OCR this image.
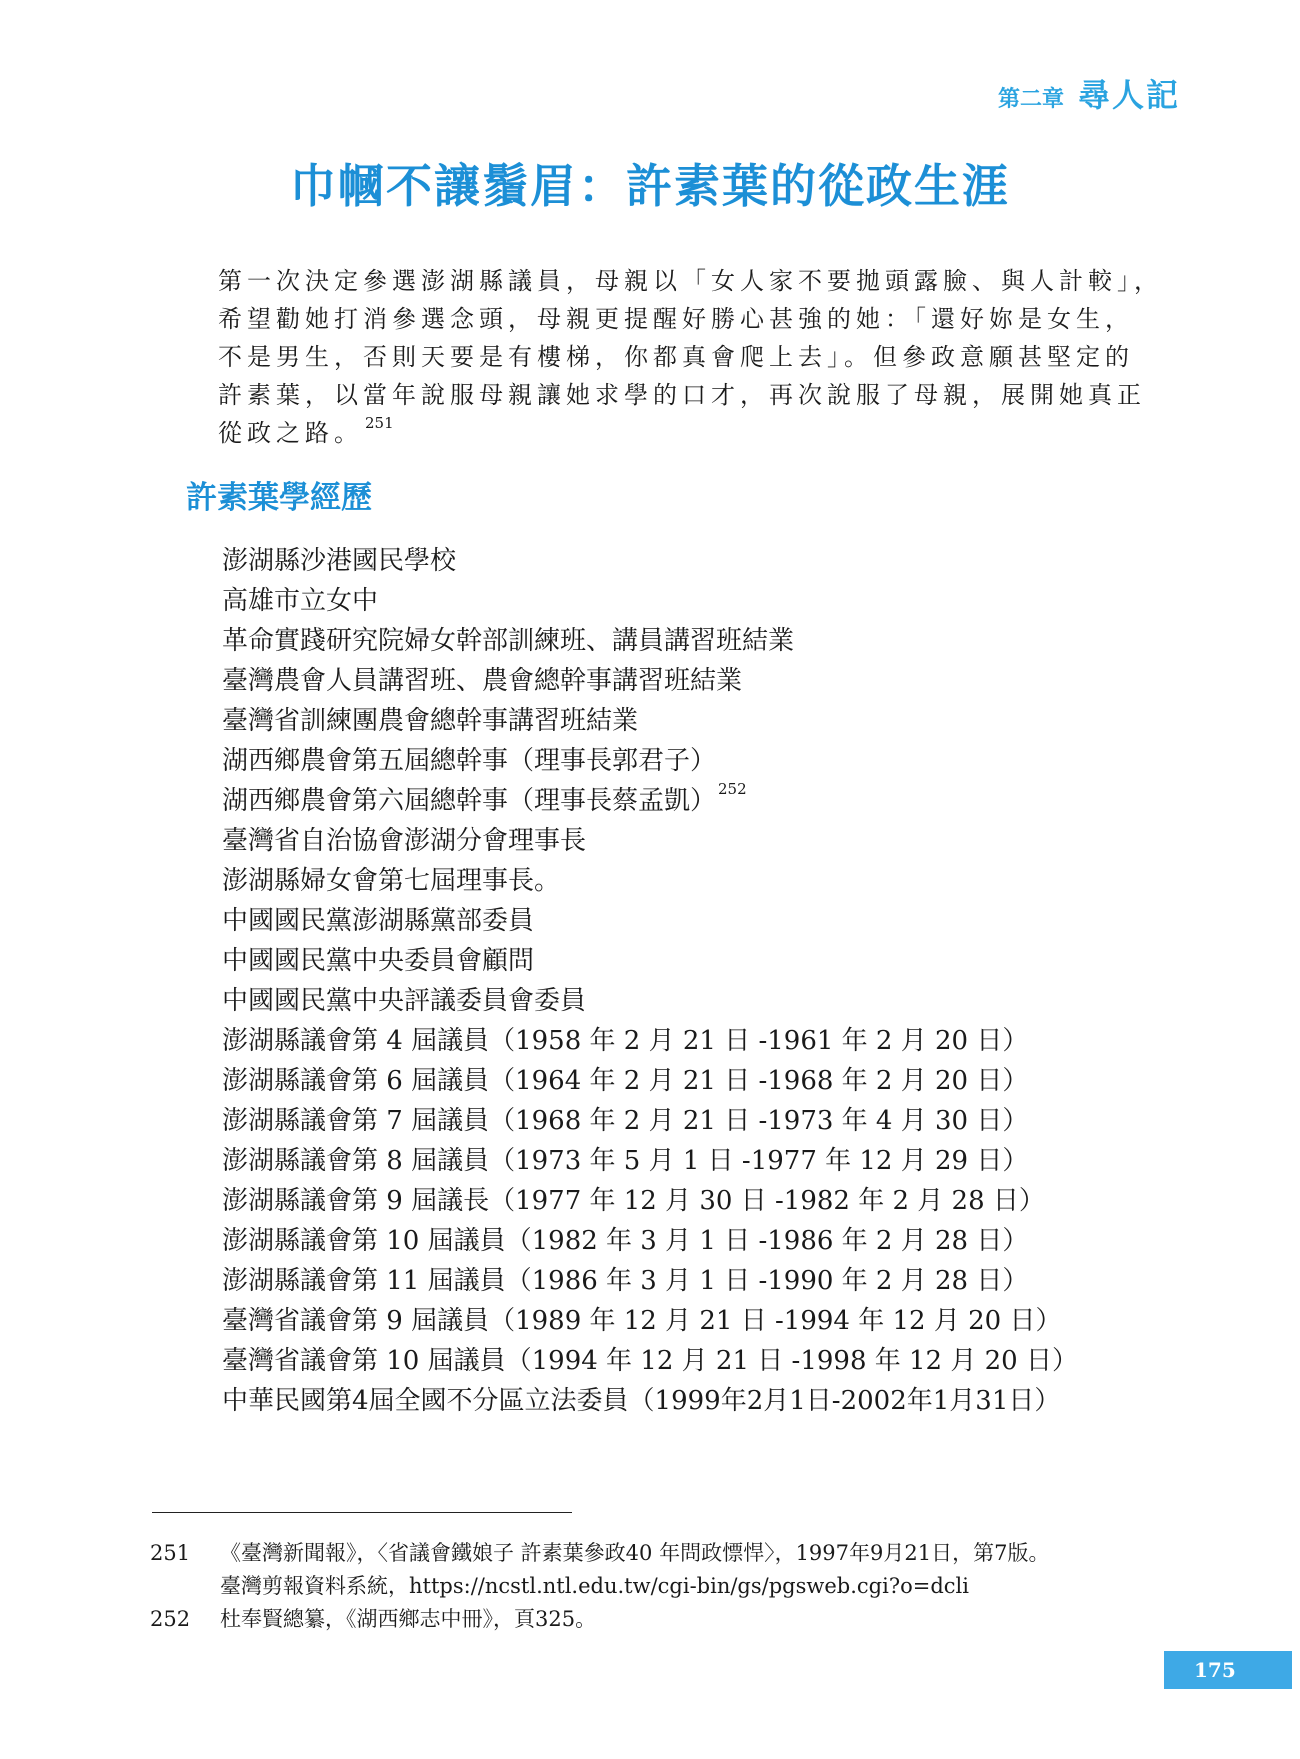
第二章 尋人記
巾幗不讓鬚眉：許素葉的從政生涯

第一次決定參選澎湖縣議員，母親以「女人家不要拋頭露臉、與人計較」，

希望勸她打消參選念頭，母親更提醒好勝心甚強的她：「還好妳是女生，

不是男生，否則天要是有樓梯，你都真會爬上去」。但參政意願甚堅定的

許素葉，以當年說服母親讓她求學的口才，再次說服了母親，展開她真正

從政之路。 $^{251}$

許素葉學經歷
澎湖縣沙港國民學校
高雄市立女中
革命實踐研究院婦女幹部訓練班、講員講習班結業
臺灣農會人員講習班、農會總幹事講習班結業
臺灣省訓練團農會總幹事講習班結業
湖西鄉農會第五屆總幹事（理事長郭君子）
湖西鄉農會第六屆總幹事（理事長蔡孟凱） $^{252}$
臺灣省自治協會澎湖分會理事長
澎湖縣婦女會第七屆理事長。
中國國民黨澎湖縣黨部委員
中國國民黨中央委員會顧問
中國國民黨中央評議委員會委員
澎湖縣議會第 4 屆議員（1958 年 2 月 21 日 -1961 年 2 月 20 日）
澎湖縣議會第 6 屆議員（1964 年 2 月 21 日 -1968 年 2 月 20 日）
澎湖縣議會第 7 屆議員（1968 年 2 月 21 日 -1973 年 4 月 30 日）
澎湖縣議會第 8 屆議員（1973 年 5 月 1 日 -1977 年 12 月 29 日）
澎湖縣議會第 9 屆議長（1977 年 12 月 30 日 -1982 年 2 月 28 日）
澎湖縣議會第 10 屆議員（1982 年 3 月 1 日 -1986 年 2 月 28 日）
澎湖縣議會第 11 屆議員（1986 年 3 月 1 日 -1990 年 2 月 28 日）
臺灣省議會第 9 屆議員（1989 年 12 月 21 日 -1994 年 12 月 20 日）
臺灣省議會第 10 屆議員（1994 年 12 月 21 日 -1998 年 12 月 20 日）
中華民國第4屆全國不分區立法委員（1999年2月1日-2002年1月31日）
251	《臺灣新聞報》，〈省議會鐵娘子 許素葉參政40 年問政慓悍〉，1997年9月21日，第7版。
臺灣剪報資料系統，https://ncstl.ntl.edu.tw/cgi-bin/gs/pgsweb.cgi?o=dcli
252	杜奉賢總纂，《湖西鄉志中冊》，頁325。
175
